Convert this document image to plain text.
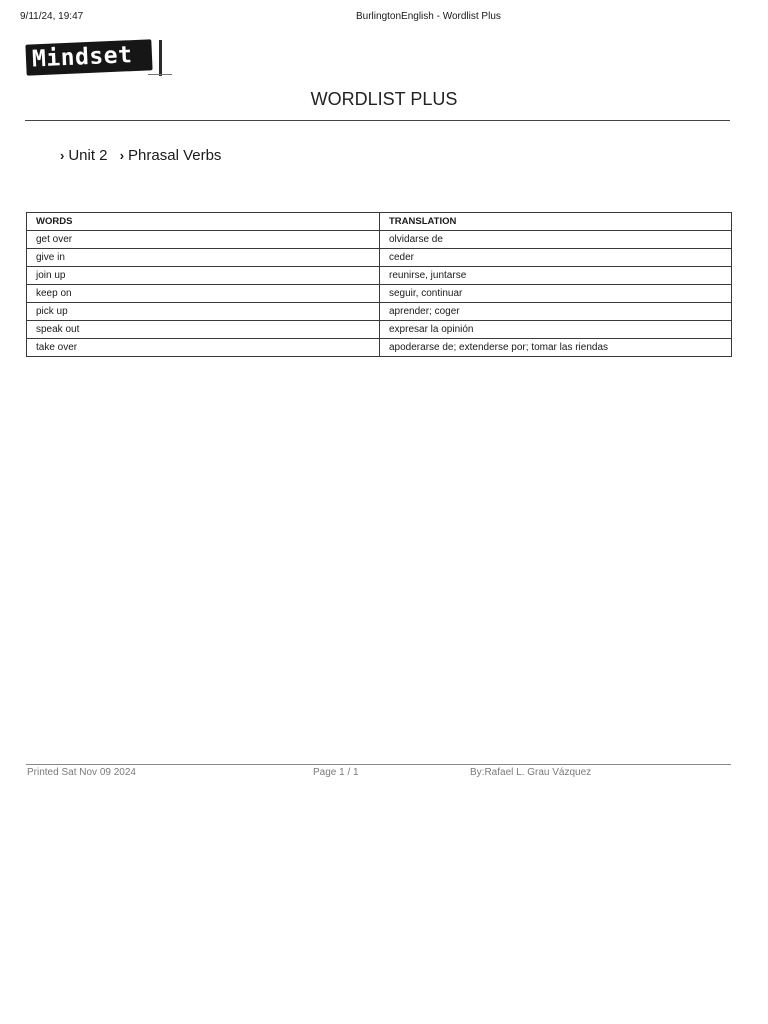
9/11/24, 19:47	BurlingtonEnglish - Wordlist Plus
Mindset
WORDLIST PLUS
› Unit 2 › Phrasal Verbs
WORDS	TRANSLATION
get over	olvidarse de
give in	ceder
join up	reunirse, juntarse
keep on	seguir, continuar
pick up	aprender; coger
speak out	expresar la opinión
take over	apoderarse de; extenderse por; tomar las riendas
Printed Sat Nov 09 2024	Page 1 / 1	By:Rafael L. Grau Vázquez
